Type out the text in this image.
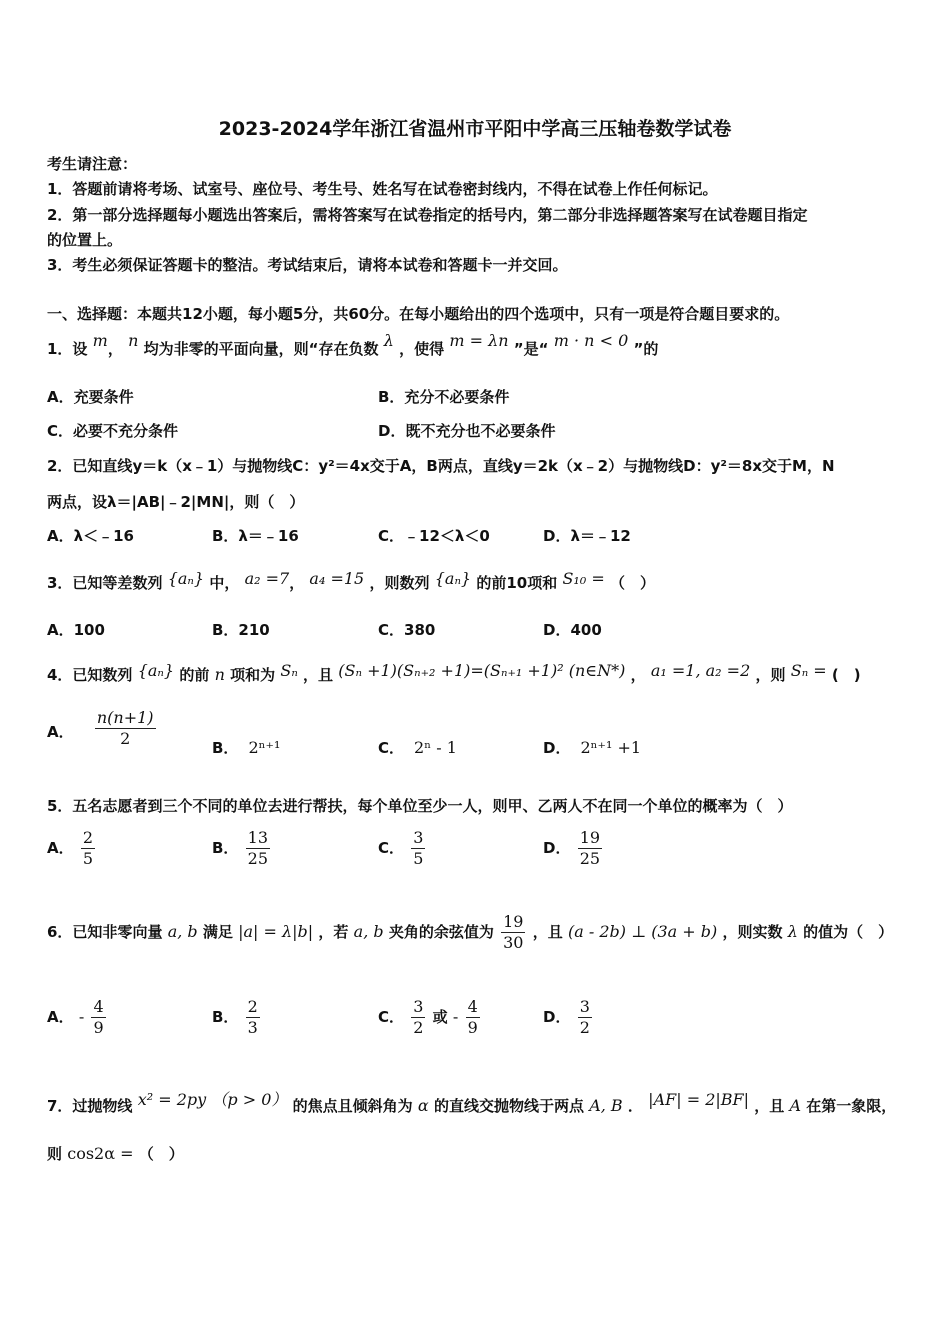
2023-2024学年浙江省温州市平阳中学高三压轴卷数学试卷
考生请注意：
1．答题前请将考场、试室号、座位号、考生号、姓名写在试卷密封线内，不得在试卷上作任何标记。
2．第一部分选择题每小题选出答案后，需将答案写在试卷指定的括号内，第二部分非选择题答案写在试卷题目指定
的位置上。
3．考生必须保证答题卡的整洁。考试结束后，请将本试卷和答题卡一并交回。
一、选择题：本题共12小题，每小题5分，共60分。在每小题给出的四个选项中，只有一项是符合题目要求的。
1．设 m， n 均为非零的平面向量，则“存在负数 λ ，使得 m = λn ”是“ m · n < 0 ”的
A．充要条件	B．充分不必要条件
C．必要不充分条件	D．既不充分也不必要条件
2．已知直线y＝k（x﹣1）与抛物线C：y²＝4x交于A，B两点，直线y＝2k（x﹣2）与抛物线D：y²＝8x交于M，N
两点，设λ＝|AB|﹣2|MN|，则（　）
A．λ＜﹣16	B．λ＝﹣16	C．﹣12＜λ＜0	D．λ＝﹣12
3．已知等差数列 {aₙ} 中， a₂ =7， a₄ =15 ，则数列 {aₙ} 的前10项和 S₁₀ = （　）
A．100	B．210	C．380	D．400
4．已知数列 {aₙ} 的前 n 项和为 Sₙ ，且 (Sₙ +1)(Sₙ₊₂ +1)=(Sₙ₊₁ +1)² (n∈N*) ， a₁ =1, a₂ =2 ，则 Sₙ = (　)
A． $\frac{n(n+1)}{2}$	B． 2ⁿ⁺¹	C． 2ⁿ - 1	D． 2ⁿ⁺¹ +1
5．五名志愿者到三个不同的单位去进行帮扶，每个单位至少一人，则甲、乙两人不在同一个单位的概率为（　）
A． $\frac{2}{5}$	B． $\frac{13}{25}$	C． $\frac{3}{5}$	D． $\frac{19}{25}$
6．已知非零向量 a, b 满足 |a| = λ|b| ，若 a, b 夹角的余弦值为 $\frac{19}{30}$ ，且 (a - 2b) ⊥ (3a + b) ，则实数 λ 的值为（　）
A． - $\frac{4}{9}$	B． $\frac{2}{3}$	C． $\frac{3}{2}$ 或 - $\frac{4}{9}$	D． $\frac{3}{2}$
7．过抛物线 x² = 2py （p > 0） 的焦点且倾斜角为 α 的直线交抛物线于两点 A, B ． |AF| = 2|BF| ，且 A 在第一象限，
则 cos2α = （　）
